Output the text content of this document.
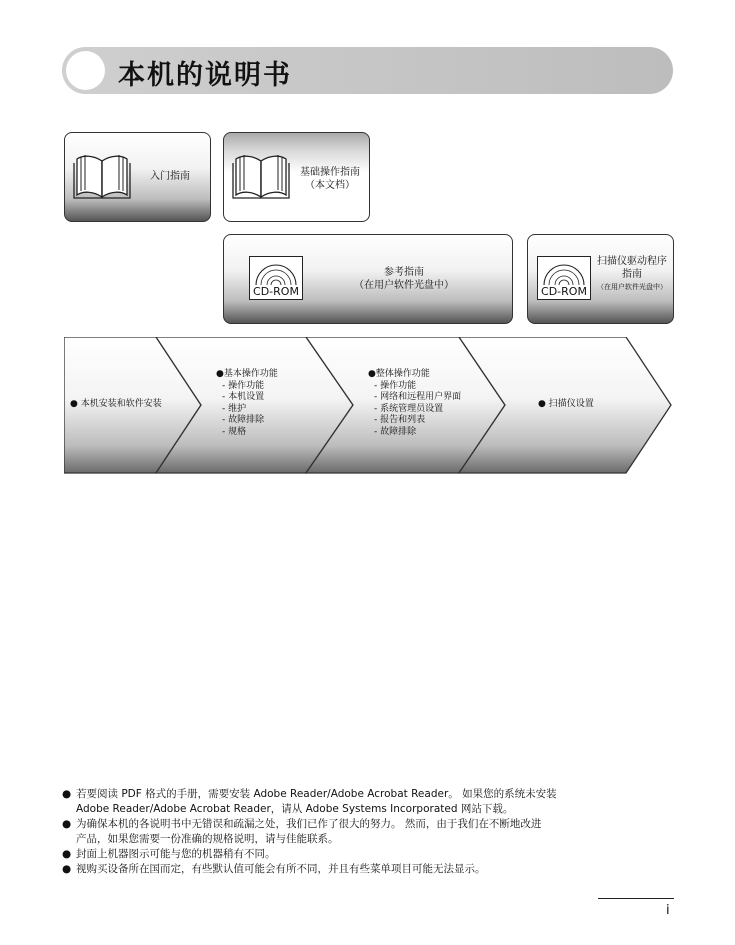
本机的说明书
入门指南	基础操作指南
（本文档）
CD-ROM
参考指南
（在用户软件光盘中）	CD-ROM
扫描仪驱动程序
指南
（在用户软件光盘中）
● 本机安装和软件安装
●基本操作功能
- 操作功能
- 本机设置
- 维护
- 故障排除
- 规格
●整体操作功能
- 操作功能
- 网络和远程用户界面
- 系统管理员设置
- 报告和列表
- 故障排除
● 扫描仪设置
● 若要阅读 PDF 格式的手册，需要安装 Adobe Reader/Adobe Acrobat Reader。 如果您的系统未安装
Adobe Reader/Adobe Acrobat Reader，请从 Adobe Systems Incorporated 网站下载。
● 为确保本机的各说明书中无错误和疏漏之处，我们已作了很大的努力。 然而，由于我们在不断地改进
产品，如果您需要一份准确的规格说明，请与佳能联系。
● 封面上机器图示可能与您的机器稍有不同。
● 视购买设备所在国而定，有些默认值可能会有所不同，并且有些菜单项目可能无法显示。
i
